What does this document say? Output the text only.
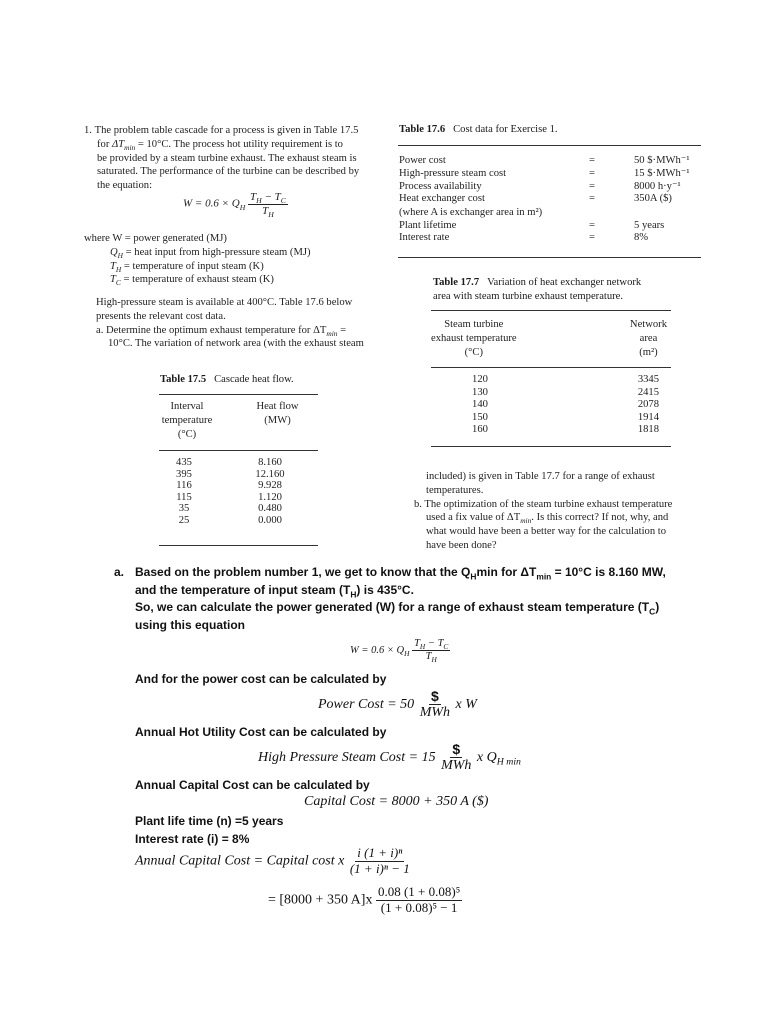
1. The problem table cascade for a process is given in Table 17.5
for $\Delta T_{min} = 10^\circ C$. The process hot utility requirement is to
be provided by a steam turbine exhaust. The exhaust steam is
saturated. The performance of the turbine can be described by
the equation:
$W = 0.6 \times Q_H \frac{T_H - T_C}{T_H}$
where W = power generated (MJ)
$Q_H$ = heat input from high-pressure steam (MJ)
$T_H$ = temperature of input steam (K)
$T_C$ = temperature of exhaust steam (K)
High-pressure steam is available at 400°C. Table 17.6 below
presents the relevant cost data.
a. Determine the optimum exhaust temperature for $\Delta T_{min}$ =
10°C. The variation of network area (with the exhaust steam
Table 17.5 Cascade heat flow.
Interval
temperature
(°C)
Heat flow
(MW)
435	8.160
395	12.160
116	9.928
115	1.120
35	0.480
25	0.000
Table 17.6 Cost data for Exercise 1.
Power cost	=	50 $·MWh⁻¹
High-pressure steam cost	=	15 $·MWh⁻¹
Process availability	=	8000 h·y⁻¹
Heat exchanger cost	=	350A ($)
(where A is exchanger area in m²)
Plant lifetime	=	5 years
Interest rate	=	8%
Table 17.7 Variation of heat exchanger network
area with steam turbine exhaust temperature.
Steam turbine
exhaust temperature
(°C)
Network
area
(m²)
120	3345
130	2415
140	2078
150	1914
160	1818
included) is given in Table 17.7 for a range of exhaust
temperatures.
b. The optimization of the steam turbine exhaust temperature
used a fix value of $\Delta T_{min}$. Is this correct? If not, why, and
what would have been a better way for the calculation to
have been done?
a. Based on the problem number 1, we get to know that the $Q_H\min$ for $\Delta T_{min} = 10^\circ C$ is 8.160 MW,
and the temperature of input steam $(T_H)$ is 435°C.
So, we can calculate the power generated (W) for a range of exhaust steam temperature $(T_C)$
using this equation
$W = 0.6 \times Q_H \frac{T_H - T_C}{T_H}$
And for the power cost can be calculated by
Power Cost = $50 \frac{\$}{\text{MWh}}$ x W
Annual Hot Utility Cost can be calculated by
High Pressure Steam Cost = $15 \frac{\$}{\text{MWh}}$ x $Q_{H min}$
Annual Capital Cost can be calculated by
Capital Cost = 8000 + 350 A ($)
Plant life time (n) =5 years
Interest rate (i) = 8%
Annual Capital Cost = Capital cost x $\frac{\text{i (1 + i)ⁿ}}{\text{(1 + i)ⁿ − 1}}$
= [8000 + 350 $A]x \frac{\text{0.08 (1 + 0.08)⁵}}{\text{(1 + 0.08)⁵ − 1}}$
